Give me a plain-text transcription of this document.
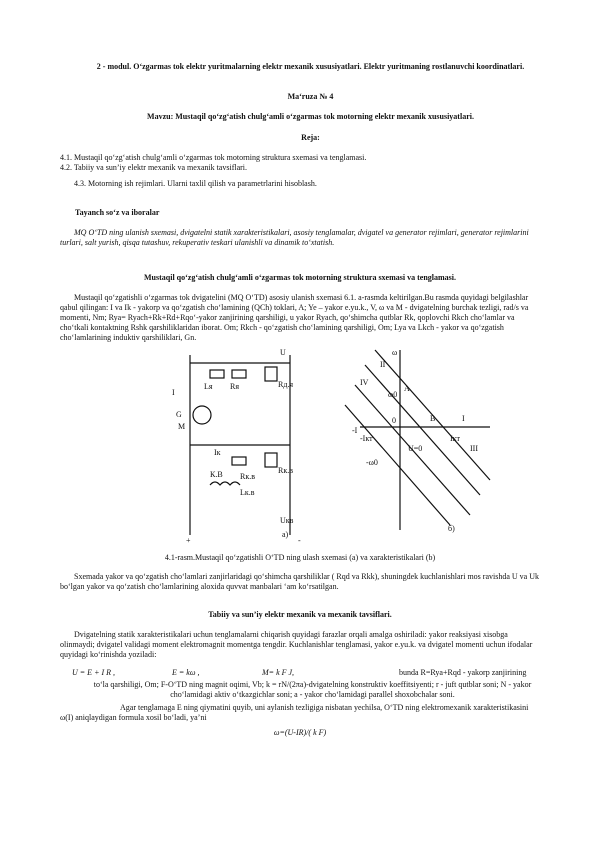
2 - modul. O‘zgarmas tok elektr yuritmalarning elektr mexanik xususiyatlari. Elektr yuritmaning rostlanuvchi koordinatlari.
Ma‘ruza № 4
Mavzu: Mustaqil qo‘zg‘atish chulg‘amli o‘zgarmas tok motorning elektr mexanik xususiyatlari.
Reja:

4.1. Mustaqil qo‘zg‘atish chulg‘amli o‘zgarmas tok motorning struktura sxemasi va tenglamasi.

4.2. Tabiiy va sun’iy elektr mexanik va mexanik tavsiflari.

4.3. Motorning ish rejimlari. Ularni taxlil qilish va parametrlarini hisoblash.

Tayanch so‘z va iboralar
MQ O‘TD ning ulanish sxemasi, dvigatelni statik xarakteristikalari, asosiy tenglamalar, dvigatel va generator rejimlari, generator rejimlarini turlari, salt yurish, qisqa tutashuv, rekuperativ teskari ulanishli va dinamik to‘xtatish.
Mustaqil qo‘zg‘atish chulg‘amli o‘zgarmas tok motorning struktura sxemasi va tenglamasi.
Mustaqil qo‘zgatishli o‘zgarmas tok dvigatelini (MQ O‘TD) asosiy ulanish sxemasi 6.1. a-rasmda keltirilgan.Bu rasmda quyidagi belgilashlar qabul qilingan: I va Ik - yakorp va qo‘zgatish cho‘lamining (QCh) toklari, A; Ye – yakor e.yu.k., V, ω va M - dvigatelning burchak tezligi, rad/s va momenti, Nm; Rya= Ryach+Rk+Rd+Rqo‘-yakor zanjirining qarshiligi, u yakor Ryach, qo‘shimcha qutblar Rk, qoplovchi Rkch cho‘lamlar va cho‘tkali kontaktning Rshk qarshiliklaridan iborat. Om; Rkch - qo‘zgatish cho‘lamining qarshiligi, Om; Lya va Lkch - yakor va qo‘zgatish cho‘lamlarining induktiv qarshiliklari, Gn.
U
I
Lя Rя	Rд.я
G
M
Iк
Rк.в
К.В Rк.в
Lк.в
Uкв
а)
+	-
ω
II
IV
A
ω0
I
0	B
Iкт
-Iкт
U=0	III
-ω0
-I
б)
4.1-rasm.Mustaqil qo‘zgatishli O‘TD ning ulash sxemasi (a) va xarakteristikalari (b)
Sxemada yakor va qo‘zgatish cho‘lamlari zanjirlaridagi qo‘shimcha qarshiliklar ( Rqd va Rkk), shuningdek kuchlanishlari mos ravishda U va Uk bo‘lgan yakor va qo‘zatish cho‘lamlarining aloxida quvvat manbalari ‘am ko‘rsatilgan.
Tabiiy va sun’iy elektr mexanik va mexanik tavsiflari.
Dvigatelning statik xarakteristikalari uchun tenglamalarni chiqarish quyidagi farazlar orqali amalga oshiriladi: yakor reaksiyasi xisobga olinmaydi; dvigatel validagi moment elektromagnit momentga tengdir. Kuchlanishlar tenglamasi, yakor e.yu.k. va dvigatel momenti uchun ifodalar quyidagi ko‘rinishda yoziladi:
U = E + I R ,	E = kω ,	M= k F J,	bunda R=Rya+Rqd - yakorp zanjirining
to‘la qarshiligi, Om; F-O‘TD ning magnit oqimi, Vb; k = rN/(2πa)-dvigatelning konstruktiv koeffitsiyenti; r - juft qutblar soni; N - yakor cho‘lamidagi aktiv o‘tkazgichlar soni; a - yakor cho‘lamidagi parallel shoxobchalar soni.
Agar tenglamaga E ning qiymatini quyib, uni aylanish tezligiga nisbatan yechilsa, O‘TD ning elektromexanik xarakteristikasini ω(I) aniqlaydigan formula xosil bo‘ladi, ya’ni
ω=(U-IR)/( k F)
